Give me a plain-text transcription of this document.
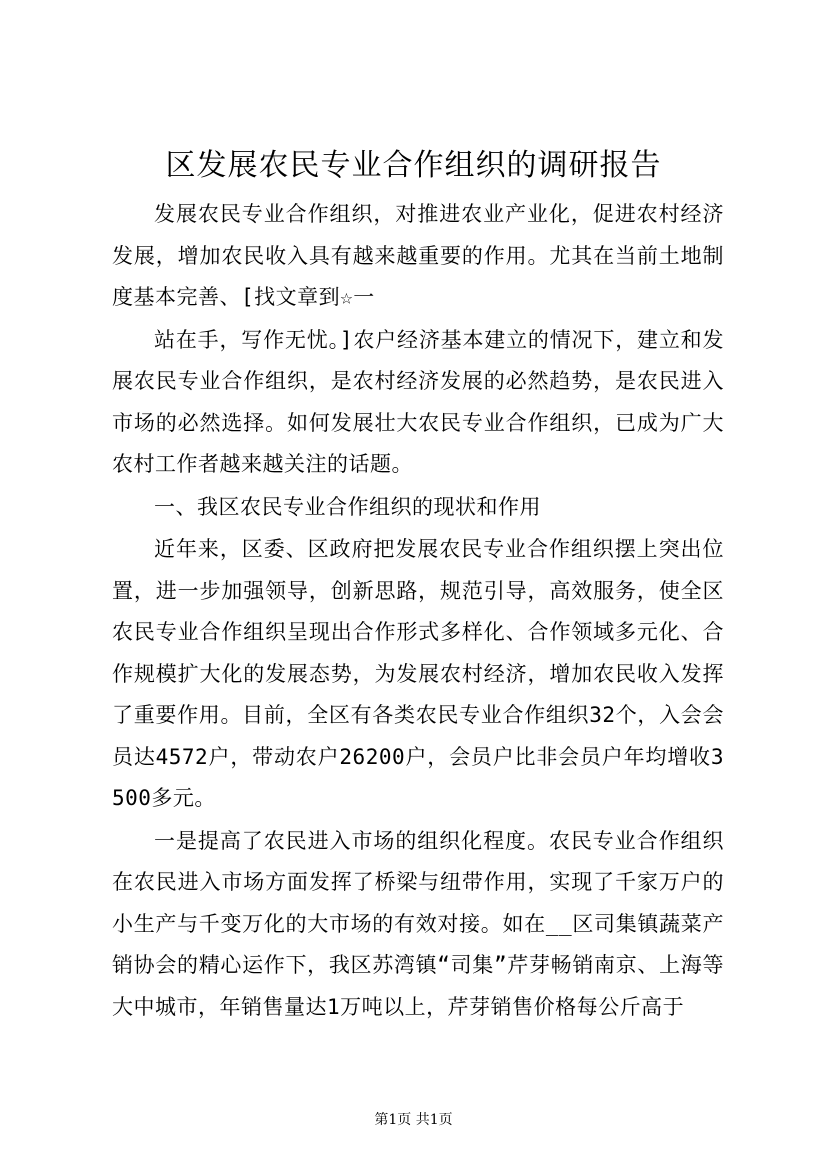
区发展农民专业合作组织的调研报告

发展农民专业合作组织，对推进农业产业化，促进农村经济发展，增加农民收入具有越来越重要的作用。尤其在当前土地制度基本完善、[找文章到☆一

站在手，写作无忧。]农户经济基本建立的情况下，建立和发展农民专业合作组织，是农村经济发展的必然趋势，是农民进入市场的必然选择。如何发展壮大农民专业合作组织，已成为广大农村工作者越来越关注的话题。

一、我区农民专业合作组织的现状和作用

近年来，区委、区政府把发展农民专业合作组织摆上突出位置，进一步加强领导，创新思路，规范引导，高效服务，使全区农民专业合作组织呈现出合作形式多样化、合作领域多元化、合作规模扩大化的发展态势，为发展农村经济，增加农民收入发挥了重要作用。目前，全区有各类农民专业合作组织32个，入会会员达4572户，带动农户26200户，会员户比非会员户年均增收3500多元。

一是提高了农民进入市场的组织化程度。农民专业合作组织在农民进入市场方面发挥了桥梁与纽带作用，实现了千家万户的小生产与千变万化的大市场的有效对接。如在__区司集镇蔬菜产销协会的精心运作下，我区苏湾镇“司集”芹芽畅销南京、上海等大中城市，年销售量达1万吨以上，芹芽销售价格每公斤高于

第1页 共1页
